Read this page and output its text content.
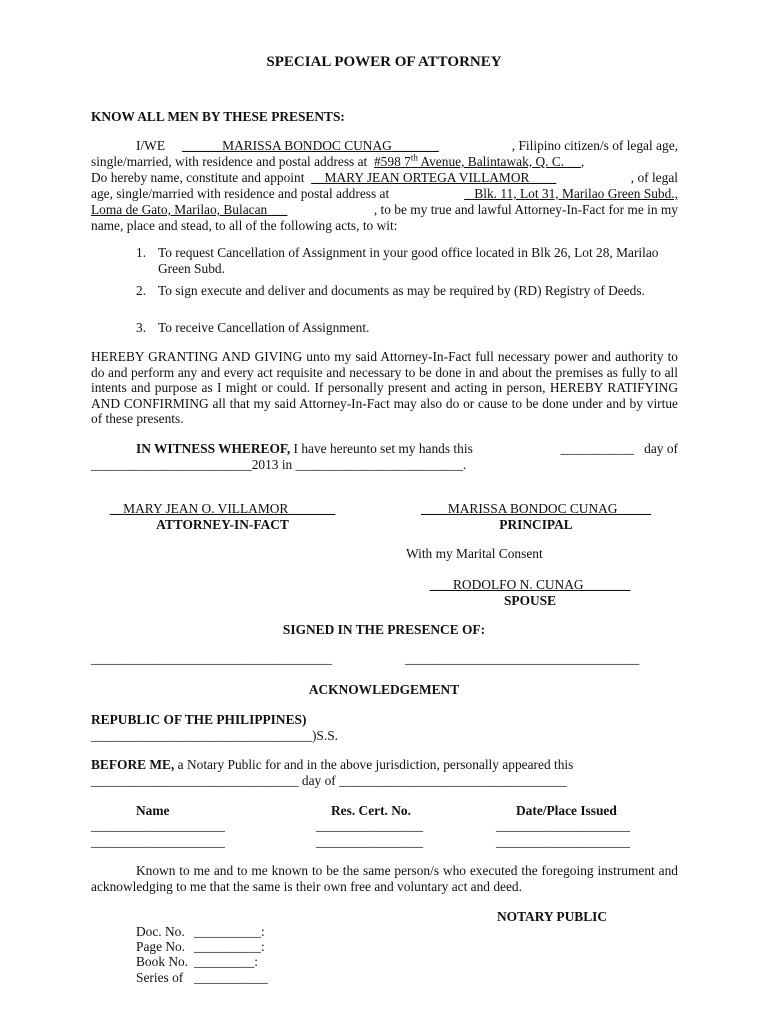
SPECIAL POWER OF ATTORNEY
KNOW ALL MEN BY THESE PRESENTS:
I/WE ______MARISSA BONDOC CUNAG_______	, Filipino citizen/s of legal age,
single/married, with residence and postal address at #598 7th Avenue, Balintawak, Q. C. __,
Do hereby name, constitute and appoint __MARY JEAN ORTEGA VILLAMOR____	, of legal
age, single/married with residence and postal address at	_ Blk. 11, Lot 31, Marilao Green Subd.,
Loma de Gato, Marilao, Bulacan __	, to be my true and lawful Attorney-In-Fact for me in my
name, place and stead, to all of the following acts, to wit:
1. To request Cancellation of Assignment in your good office located in Blk 26, Lot 28, Marilao Green Subd.
2. To sign execute and deliver and documents as may be required by (RD) Registry of Deeds.
3. To receive Cancellation of Assignment.
HEREBY GRANTING AND GIVING unto my said Attorney-In-Fact full necessary power and authority to do and perform any and every act requisite and necessary to be done in and about the premises as fully to all intents and purpose as I might or could. If personally present and acting in person, HEREBY RATIFYING AND CONFIRMING all that my said Attorney-In-Fact may also do or cause to be done under and by virtue of these presents.
IN WITNESS WHEREOF, I have hereunto set my hands this	___________ day of
________________________2013 in _________________________.
__MARY JEAN O. VILLAMOR_______
ATTORNEY-IN-FACT
____MARISSA BONDOC CUNAG_____
PRINCIPAL
With my Marital Consent
___ RODOLFO N. CUNAG_______
SPOUSE
SIGNED IN THE PRESENCE OF:
____________________________________	___________________________________
ACKNOWLEDGEMENT
REPUBLIC OF THE PHILIPPINES)
_________________________________)S.S.
BEFORE ME, a Notary Public for and in the above jurisdiction, personally appeared this
_______________________________ day of __________________________________
Name	Res. Cert. No.	Date/Place Issued
____________________	________________	____________________
____________________	________________	____________________
Known to me and to me known to be the same person/s who executed the foregoing instrument and acknowledging to me that the same is their own free and voluntary act and deed.
NOTARY PUBLIC
Doc. No. __________:
Page No. __________:
Book No. _________:
Series of ___________
